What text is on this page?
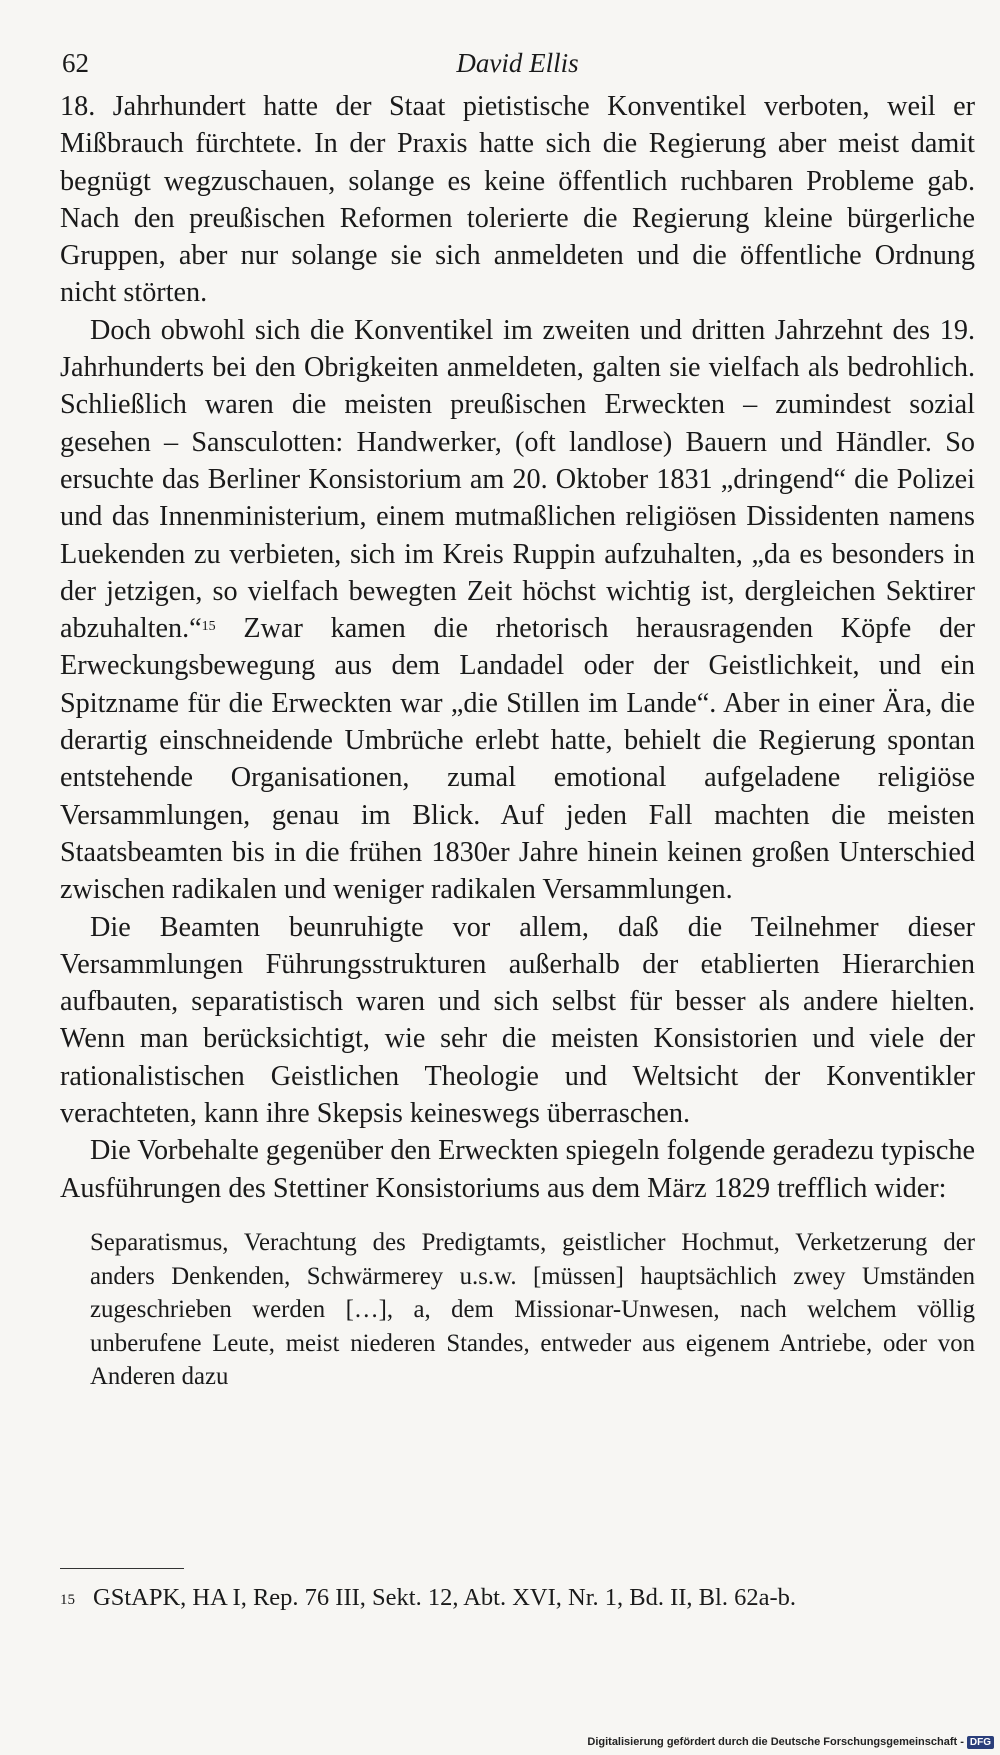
62	David Ellis

18. Jahrhundert hatte der Staat pietistische Konventikel verboten, weil er Mißbrauch fürchtete. In der Praxis hatte sich die Regierung aber meist damit begnügt wegzuschauen, solange es keine öffentlich ruchbaren Probleme gab. Nach den preußischen Reformen tolerierte die Regierung kleine bürgerliche Gruppen, aber nur solange sie sich anmeldeten und die öffentliche Ordnung nicht störten.

Doch obwohl sich die Konventikel im zweiten und dritten Jahrzehnt des 19. Jahrhunderts bei den Obrigkeiten anmeldeten, galten sie vielfach als bedrohlich. Schließlich waren die meisten preußischen Erweckten – zumindest sozial gesehen – Sansculotten: Handwerker, (oft landlose) Bauern und Händler. So ersuchte das Berliner Konsistorium am 20. Oktober 1831 „dringend“ die Polizei und das Innenministerium, einem mutmaßlichen religiösen Dissidenten namens Luekenden zu verbieten, sich im Kreis Ruppin aufzuhalten, „da es besonders in der jetzigen, so vielfach bewegten Zeit höchst wichtig ist, dergleichen Sektirer abzuhalten.“$^{15}$ Zwar kamen die rhetorisch herausragenden Köpfe der Erweckungsbewegung aus dem Landadel oder der Geistlichkeit, und ein Spitzname für die Erweckten war „die Stillen im Lande“. Aber in einer Ära, die derartig einschneidende Umbrüche erlebt hatte, behielt die Regierung spontan entstehende Organisationen, zumal emotional aufgeladene religiöse Versammlungen, genau im Blick. Auf jeden Fall machten die meisten Staatsbeamten bis in die frühen 1830er Jahre hinein keinen großen Unterschied zwischen radikalen und weniger radikalen Versammlungen.

Die Beamten beunruhigte vor allem, daß die Teilnehmer dieser Versammlungen Führungsstrukturen außerhalb der etablierten Hierarchien aufbauten, separatistisch waren und sich selbst für besser als andere hielten. Wenn man berücksichtigt, wie sehr die meisten Konsistorien und viele der rationalistischen Geistlichen Theologie und Weltsicht der Konventikler verachteten, kann ihre Skepsis keineswegs überraschen.

Die Vorbehalte gegenüber den Erweckten spiegeln folgende geradezu typische Ausführungen des Stettiner Konsistoriums aus dem März 1829 trefflich wider:

Separatismus, Verachtung des Predigtamts, geistlicher Hochmut, Verketzerung der anders Denkenden, Schwärmerey u.s.w. [müssen] hauptsächlich zwey Umständen zugeschrieben werden […], a, dem Missionar-Unwesen, nach welchem völlig unberufene Leute, meist niederen Standes, entweder aus eigenem Antriebe, oder von Anderen dazu

$^{15}$ GStAPK, HA I, Rep. 76 III, Sekt. 12, Abt. XVI, Nr. 1, Bd. II, Bl. 62a-b.
Digitalisierung gefördert durch die Deutsche Forschungsgemeinschaft - DFG
